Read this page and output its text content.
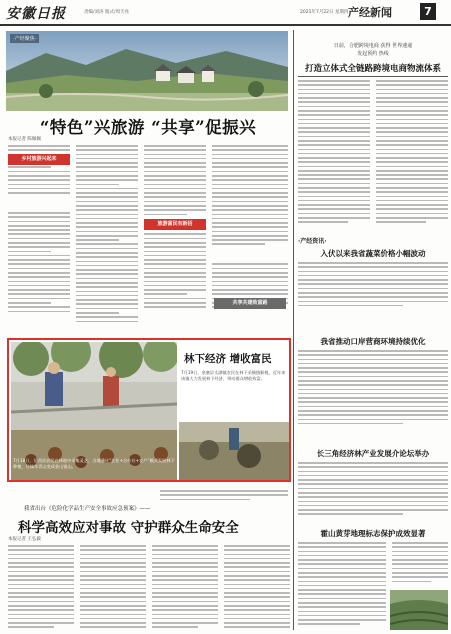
安徽日报	责编/刘涛 版式/周天亮	2021年7月22日 星期四 产经新闻	7
·产经聚焦·
“特色”兴旅游 “共享”促振兴
本报记者 陈佩佩
乡村旅游兴起来
旅游富民有新招
共享共建致富路
日前，合肥跨境电商 获得 世界速递
发起预约 热线
打造立体式全链路跨境电商物流体系
·产经资讯·
入伏以来我省蔬菜价格小幅波动
我省推动口岸营商环境持续优化
长三角经济林产业发展介论坛举办
霍山黄芽地理标志保护成效显著
林下经济 增收富民
7月19日，金寨县太湖镇农民在林下采摘猕猴桃，近年来该镇大力发展林下经济，带动群众增收致富。
7月18日，岳西县农民在林地中采集灵芝，当地通过“企业+合作社+农户”模式发展林下种植，让绿水青山变成金山银山。
我省出台《危险化学品生产安全事故应急预案》——
科学高效应对事故 守护群众生命安全
本报记者 王弘毅
